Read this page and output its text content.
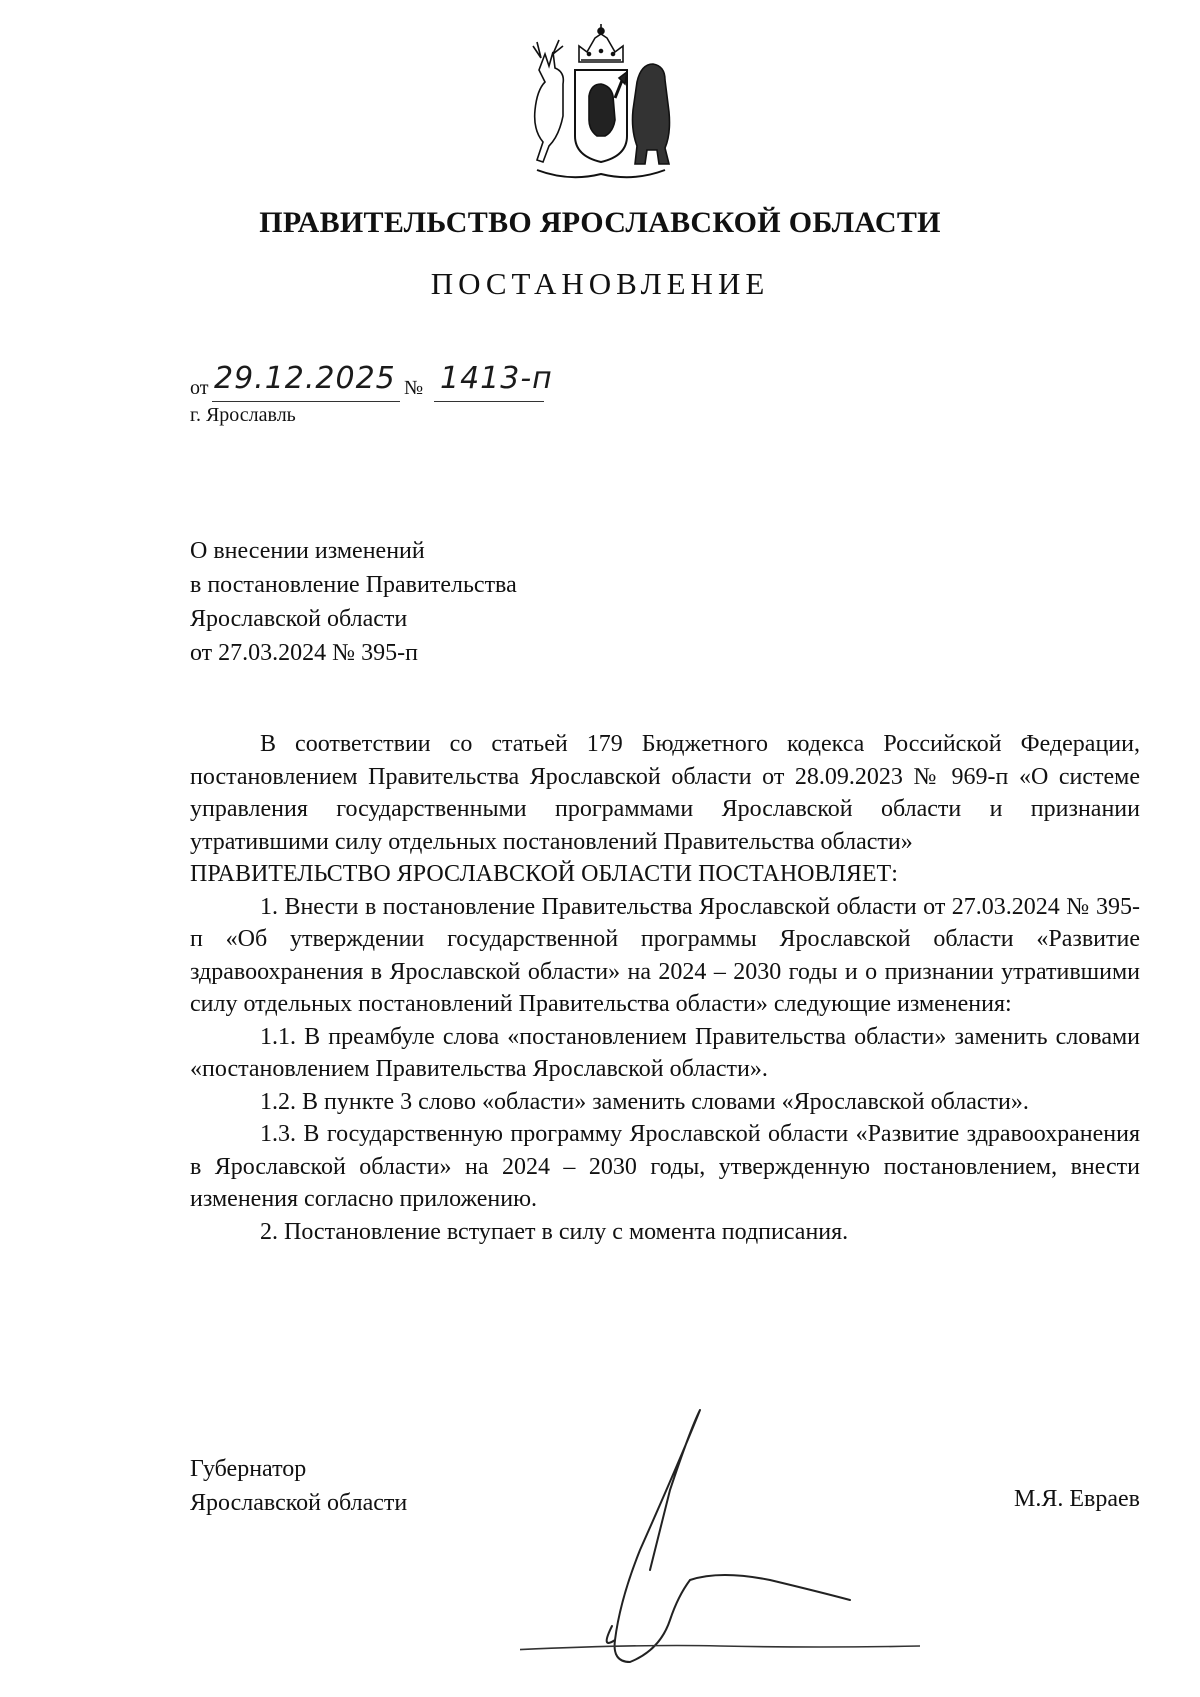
ПРАВИТЕЛЬСТВО ЯРОСЛАВСКОЙ ОБЛАСТИ
ПОСТАНОВЛЕНИЕ
от 29.12.2025 № 1413-п
г. Ярославль
О внесении изменений
в постановление Правительства
Ярославской области
от 27.03.2024 № 395-п

В соответствии со статьей 179 Бюджетного кодекса Российской Федерации, постановлением Правительства Ярославской области от 28.09.2023 № 969-п «О системе управления государственными программами Ярославской области и признании утратившими силу отдельных постановлений Правительства области»

ПРАВИТЕЛЬСТВО ЯРОСЛАВСКОЙ ОБЛАСТИ ПОСТАНОВЛЯЕТ:

1. Внести в постановление Правительства Ярославской области от 27.03.2024 № 395-п «Об утверждении государственной программы Ярославской области «Развитие здравоохранения в Ярославской области» на 2024 – 2030 годы и о признании утратившими силу отдельных постановлений Правительства области» следующие изменения:

1.1. В преамбуле слова «постановлением Правительства области» заменить словами «постановлением Правительства Ярославской области».

1.2. В пункте 3 слово «области» заменить словами «Ярославской области».

1.3. В государственную программу Ярославской области «Развитие здравоохранения в Ярославской области» на 2024 – 2030 годы, утвержденную постановлением, внести изменения согласно приложению.

2. Постановление вступает в силу с момента подписания.

Губернатор
Ярославской области	М.Я. Евраев
